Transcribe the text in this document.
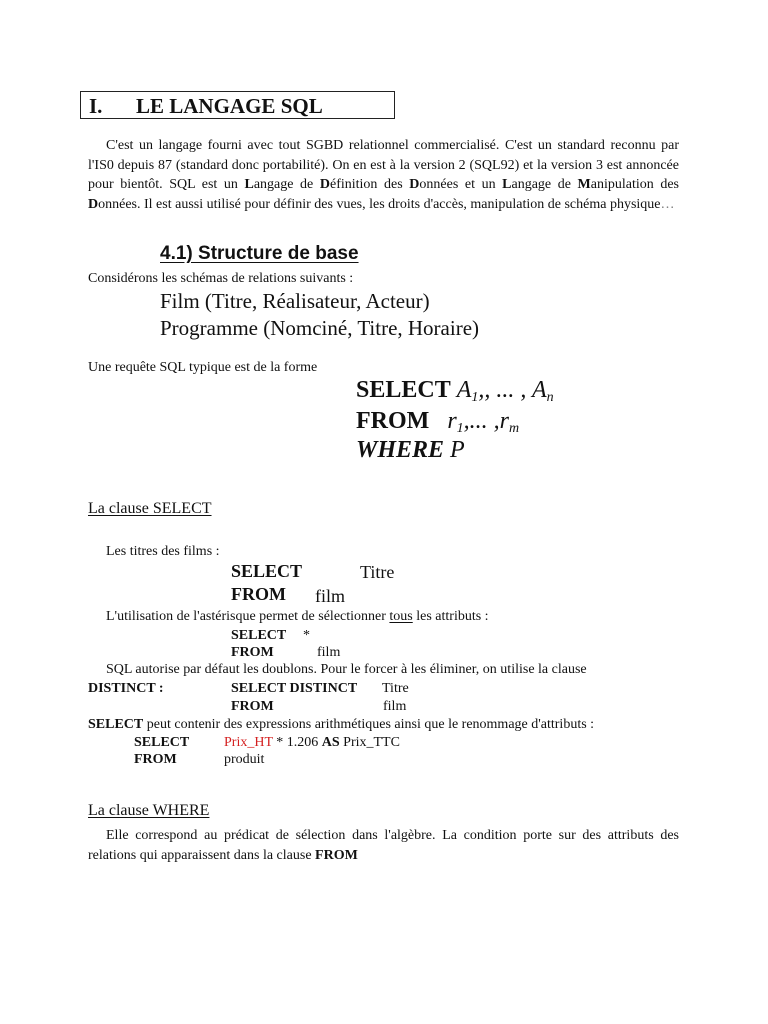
I. LE LANGAGE SQL
C'est un langage fourni avec tout SGBD relationnel commercialisé. C'est un standard reconnu par l'IS0 depuis 87 (standard donc portabilité). On en est à la version 2 (SQL92) et la version 3 est annoncée pour bientôt. SQL est un Langage de Définition des Données et un Langage de Manipulation des Données. Il est aussi utilisé pour définir des vues, les droits d'accès, manipulation de schéma physique…
4.1) Structure de base
Considérons les schémas de relations suivants :
Film (Titre, Réalisateur, Acteur)
Programme (Nomciné, Titre, Horaire)
Une requête SQL typique est de la forme
SELECT $A_1$,, ... , $A_n$
FROM $r_1$,... $,r_m$
WHERE P
La clause SELECT
Les titres des films :
SELECT	Titre
FROM film
L'utilisation de l'astérisque permet de sélectionner tous les attributs :
SELECT *
FROM	film
SQL autorise par défaut les doublons. Pour le forcer à les éliminer, on utilise la clause
DISTINCT :	SELECT DISTINCT Titre
FROM	film
SELECT peut contenir des expressions arithmétiques ainsi que le renommage d'attributs :
SELECT Prix_HT * 1.206 AS Prix_TTC
FROM	produit
La clause WHERE
Elle correspond au prédicat de sélection dans l'algèbre. La condition porte sur des attributs des relations qui apparaissent dans la clause FROM
